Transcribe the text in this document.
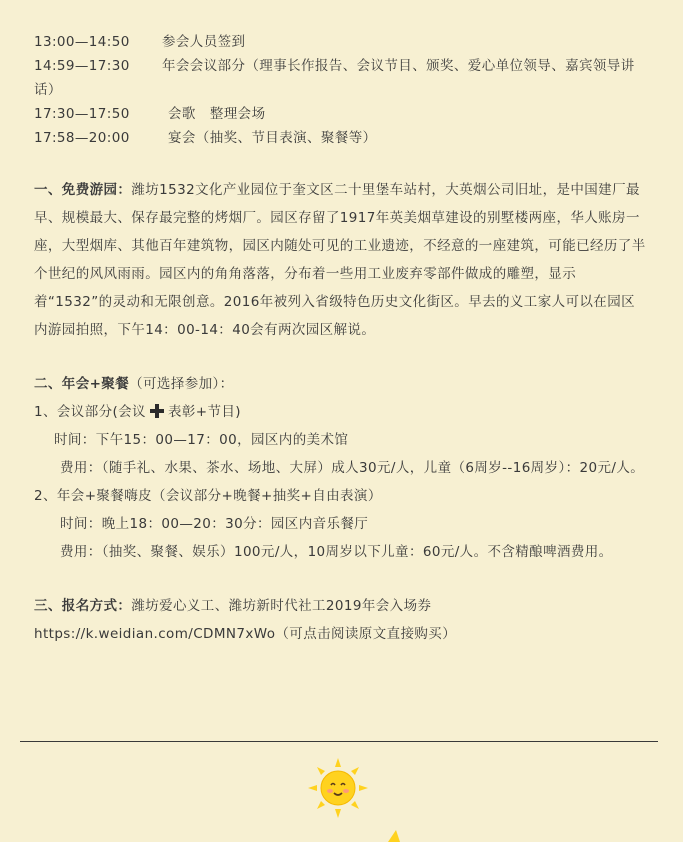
13:00—14:50 参会人员签到

14:59—17:30 年会会议部分（理事长作报告、会议节目、颁奖、爱心单位领导、嘉宾领导讲话）

17:30—17:50	会歌   整理会场

17:58—20:00	宴会（抽奖、节目表演、聚餐等）

一、免费游园：潍坊1532文化产业园位于奎文区二十里堡车站村，大英烟公司旧址，是中国建厂最早、规模最大、保存最完整的烤烟厂。园区存留了1917年英美烟草建设的别墅楼两座，华人账房一座，大型烟库、其他百年建筑物，园区内随处可见的工业遗迹，不经意的一座建筑，可能已经历了半个世纪的风风雨雨。园区内的角角落落，分布着一些用工业废弃零部件做成的雕塑，显示着“1532”的灵动和无限创意。2016年被列入省级特色历史文化街区。早去的义工家人可以在园区内游园拍照，下午14：00-14：40会有两次园区解说。

二、年会+聚餐（可选择参加）：

1、会议部分(会议 表彰+节目)

时间：下午15：00—17：00，园区内的美术馆

费用：（随手礼、水果、茶水、场地、大屏）成人30元/人，儿童（6周岁--16周岁）：20元/人。

2、年会+聚餐嗨皮（会议部分+晚餐+抽奖+自由表演）

时间：晚上18：00—20：30分：园区内音乐餐厅

费用：（抽奖、聚餐、娱乐）100元/人，10周岁以下儿童：60元/人。不含精酿啤酒费用。

三、报名方式：潍坊爱心义工、潍坊新时代社工2019年会入场券

https://k.weidian.com/CDMN7xWo（可点击阅读原文直接购买）
